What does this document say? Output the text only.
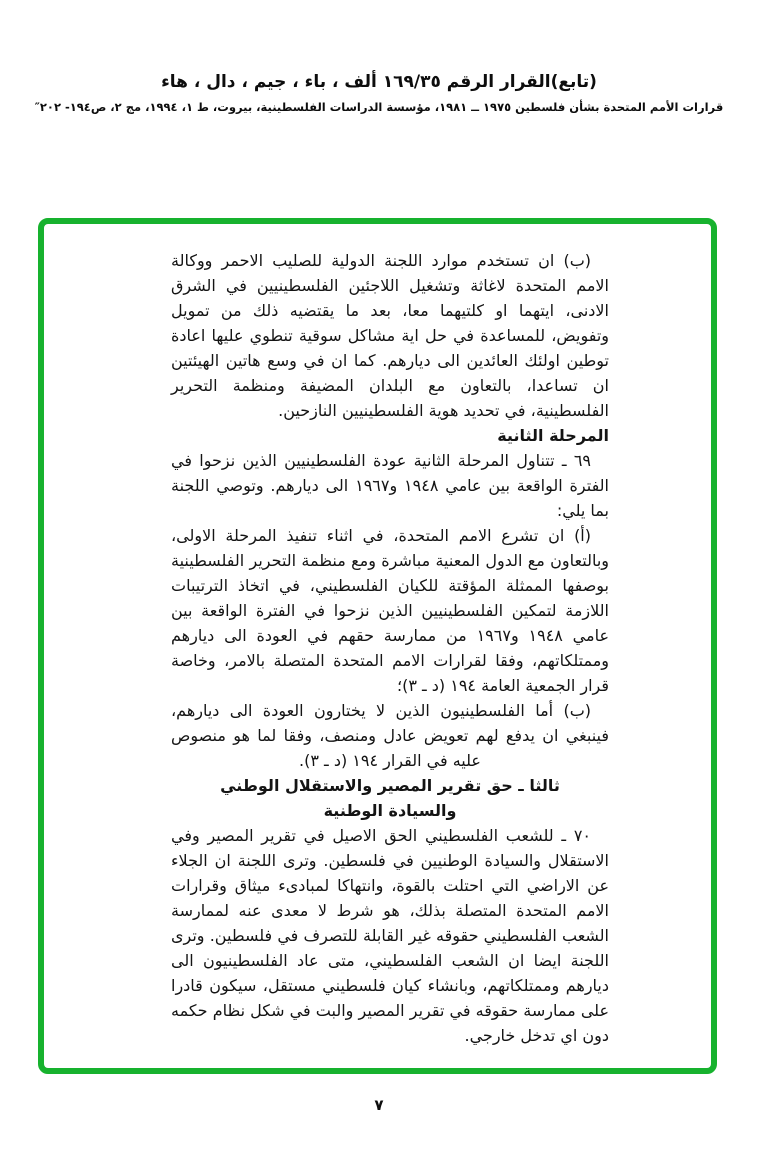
(تابع)القرار الرقم ١٦٩/٣٥ ألف ، باء ، جيم ، دال ، هاء
قرارات الأمم المتحدة بشأن فلسطين ١٩٧٥ ــ ١٩٨١، مؤسسة الدراسات الفلسطينية، بيروت، ط ١، ١٩٩٤، مج ٢، ص١٩٤- ٢٠٢″

(ب) ان تستخدم موارد اللجنة الدولية للصليب الاحمر ووكالة الامم المتحدة لاغاثة وتشغيل اللاجئين الفلسطينيين في الشرق الادنى، ايتهما او كلتيهما معا، بعد ما يقتضيه ذلك من تمويل وتفويض، للمساعدة في حل اية مشاكل سوقية تنطوي عليها اعادة توطين اولئك العائدين الى ديارهم. كما ان في وسع هاتين الهيئتين ان تساعدا، بالتعاون مع البلدان المضيفة ومنظمة التحرير الفلسطينية، في تحديد هوية الفلسطينيين النازحين.

المرحلة الثانية

٦٩ ـ تتناول المرحلة الثانية عودة الفلسطينيين الذين نزحوا في الفترة الواقعة بين عامي ١٩٤٨ و١٩٦٧ الى ديارهم. وتوصي اللجنة بما يلي:

(أ) ان تشرع الامم المتحدة، في اثناء تنفيذ المرحلة الاولى، وبالتعاون مع الدول المعنية مباشرة ومع منظمة التحرير الفلسطينية بوصفها الممثلة المؤقتة للكيان الفلسطيني، في اتخاذ الترتيبات اللازمة لتمكين الفلسطينيين الذين نزحوا في الفترة الواقعة بين عامي ١٩٤٨ و١٩٦٧ من ممارسة حقهم في العودة الى ديارهم وممتلكاتهم، وفقا لقرارات الامم المتحدة المتصلة بالامر، وخاصة قرار الجمعية العامة ١٩٤ (د ـ ٣)؛

(ب) أما الفلسطينيون الذين لا يختارون العودة الى ديارهم، فينبغي ان يدفع لهم تعويض عادل ومنصف، وفقا لما هو منصوص عليه في القرار ١٩٤ (د ـ ٣).

ثالثا ـ حق تقرير المصير والاستقلال الوطني
والسيادة الوطنية

٧٠ ـ للشعب الفلسطيني الحق الاصيل في تقرير المصير وفي الاستقلال والسيادة الوطنيين في فلسطين. وترى اللجنة ان الجلاء عن الاراضي التي احتلت بالقوة، وانتهاكا لمبادىء ميثاق وقرارات الامم المتحدة المتصلة بذلك، هو شرط لا معدى عنه لممارسة الشعب الفلسطيني حقوقه غير القابلة للتصرف في فلسطين. وترى اللجنة ايضا ان الشعب الفلسطيني، متى عاد الفلسطينيون الى ديارهم وممتلكاتهم، وبانشاء كيان فلسطيني مستقل، سيكون قادرا على ممارسة حقوقه في تقرير المصير والبت في شكل نظام حكمه دون اي تدخل خارجي.

٧
